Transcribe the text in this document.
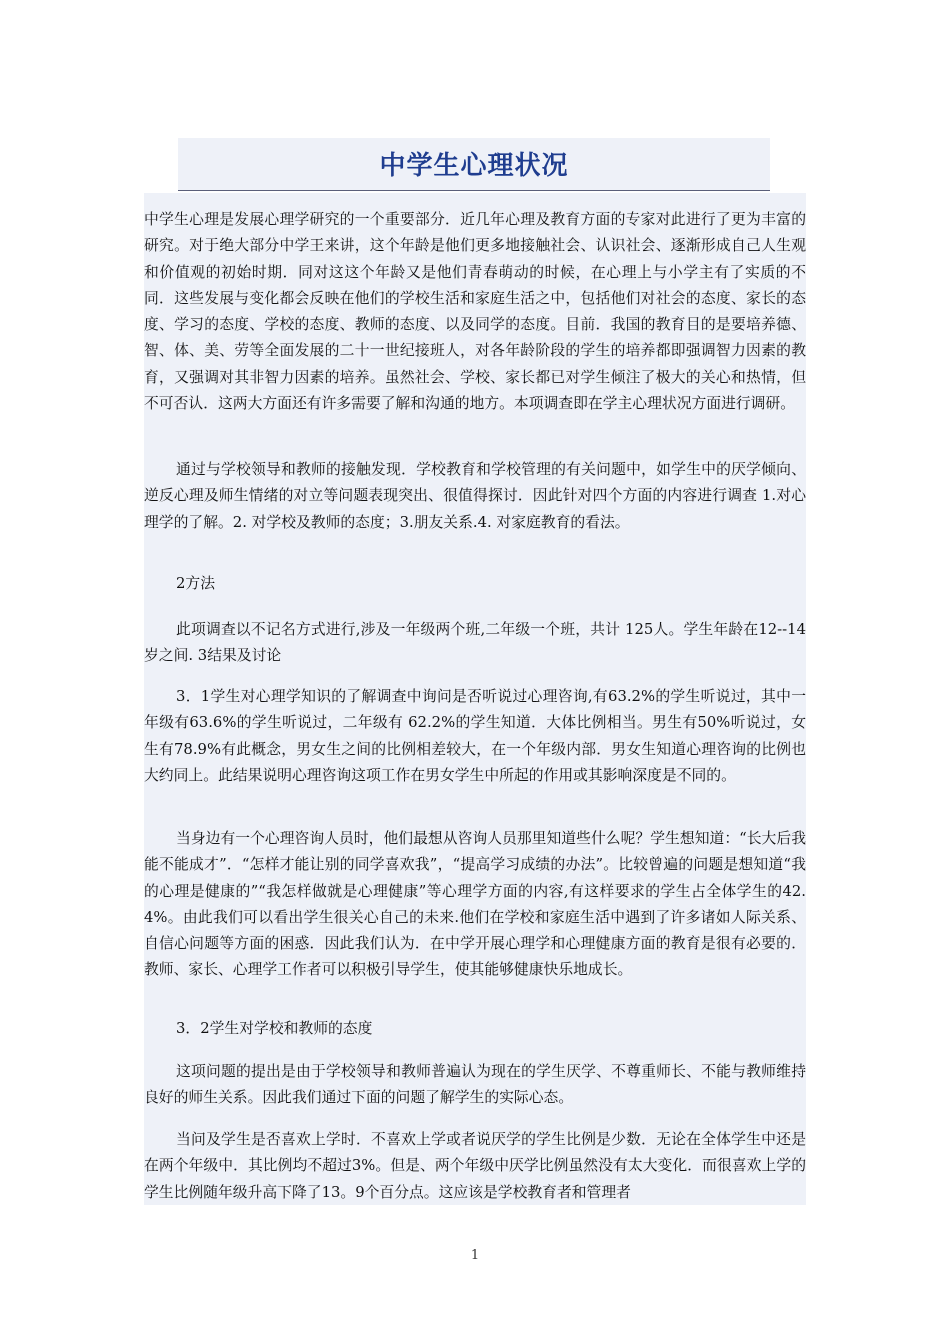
中学生心理状况
中学生心理是发展心理学研究的一个重要部分．近几年心理及教育方面的专家对此进行了更为丰富的研究。对于绝大部分中学王来讲，这个年龄是他们更多地接触社会、认识社会、逐渐形成自己人生观和价值观的初始时期．同对这这个年龄又是他们青春萌动的时候，在心理上与小学主有了实质的不同．这些发展与变化都会反映在他们的学校生活和家庭生活之中，包括他们对社会的态度、家长的态度、学习的态度、学校的态度、教师的态度、以及同学的态度。目前．我国的教育目的是要培养德、智、体、美、劳等全面发展的二十一世纪接班人，对各年龄阶段的学生的培养都即强调智力因素的教育，又强调对其非智力因素的培养。虽然社会、学校、家长都已对学生倾注了极大的关心和热情，但不可否认．这两大方面还有许多需要了解和沟通的地方。本项调查即在学主心理状况方面进行调研。
通过与学校领导和教师的接触发现．学校教育和学校管理的有关问题中，如学生中的厌学倾向、逆反心理及师生情绪的对立等问题表现突出、很值得探讨．因此针对四个方面的内容进行调查 1.对心理学的了解。2. 对学校及教师的态度；3.朋友关系.4. 对家庭教育的看法。
2方法
此项调查以不记名方式进行,涉及一年级两个班,二年级一个班，共计 125人。学生年龄在12--14岁之间. 3结果及讨论
3．1学生对心理学知识的了解调查中询问是否听说过心理咨询,有63.2%的学生听说过，其中一年级有63.6%的学生听说过，二年级有 62.2%的学生知道．大体比例相当。男生有50%听说过，女生有78.9%有此概念，男女生之间的比例相差较大，在一个年级内部．男女生知道心理咨询的比例也大约同上。此结果说明心理咨询这项工作在男女学生中所起的作用或其影响深度是不同的。
当身边有一个心理咨询人员时，他们最想从咨询人员那里知道些什么呢？学生想知道：“长大后我能不能成才”．“怎样才能让别的同学喜欢我”，“提高学习成绩的办法”。比较曾遍的问题是想知道“我的心理是健康的”“我怎样做就是心理健康”等心理学方面的内容,有这样要求的学生占全体学生的42.4%。由此我们可以看出学生很关心自己的未来.他们在学校和家庭生活中遇到了许多诸如人际关系、自信心问题等方面的困惑．因此我们认为．在中学开展心理学和心理健康方面的教育是很有必要的．教师、家长、心理学工作者可以积极引导学生，使其能够健康快乐地成长。
3．2学生对学校和教师的态度
这项问题的提出是由于学校领导和教师普遍认为现在的学生厌学、不尊重师长、不能与教师维持良好的师生关系。因此我们通过下面的问题了解学生的实际心态。
当问及学生是否喜欢上学时．不喜欢上学或者说厌学的学生比例是少数．无论在全体学生中还是在两个年级中．其比例均不超过3%。但是、两个年级中厌学比例虽然没有太大变化．而很喜欢上学的学生比例随年级升高下降了13。9个百分点。这应该是学校教育者和管理者
1
